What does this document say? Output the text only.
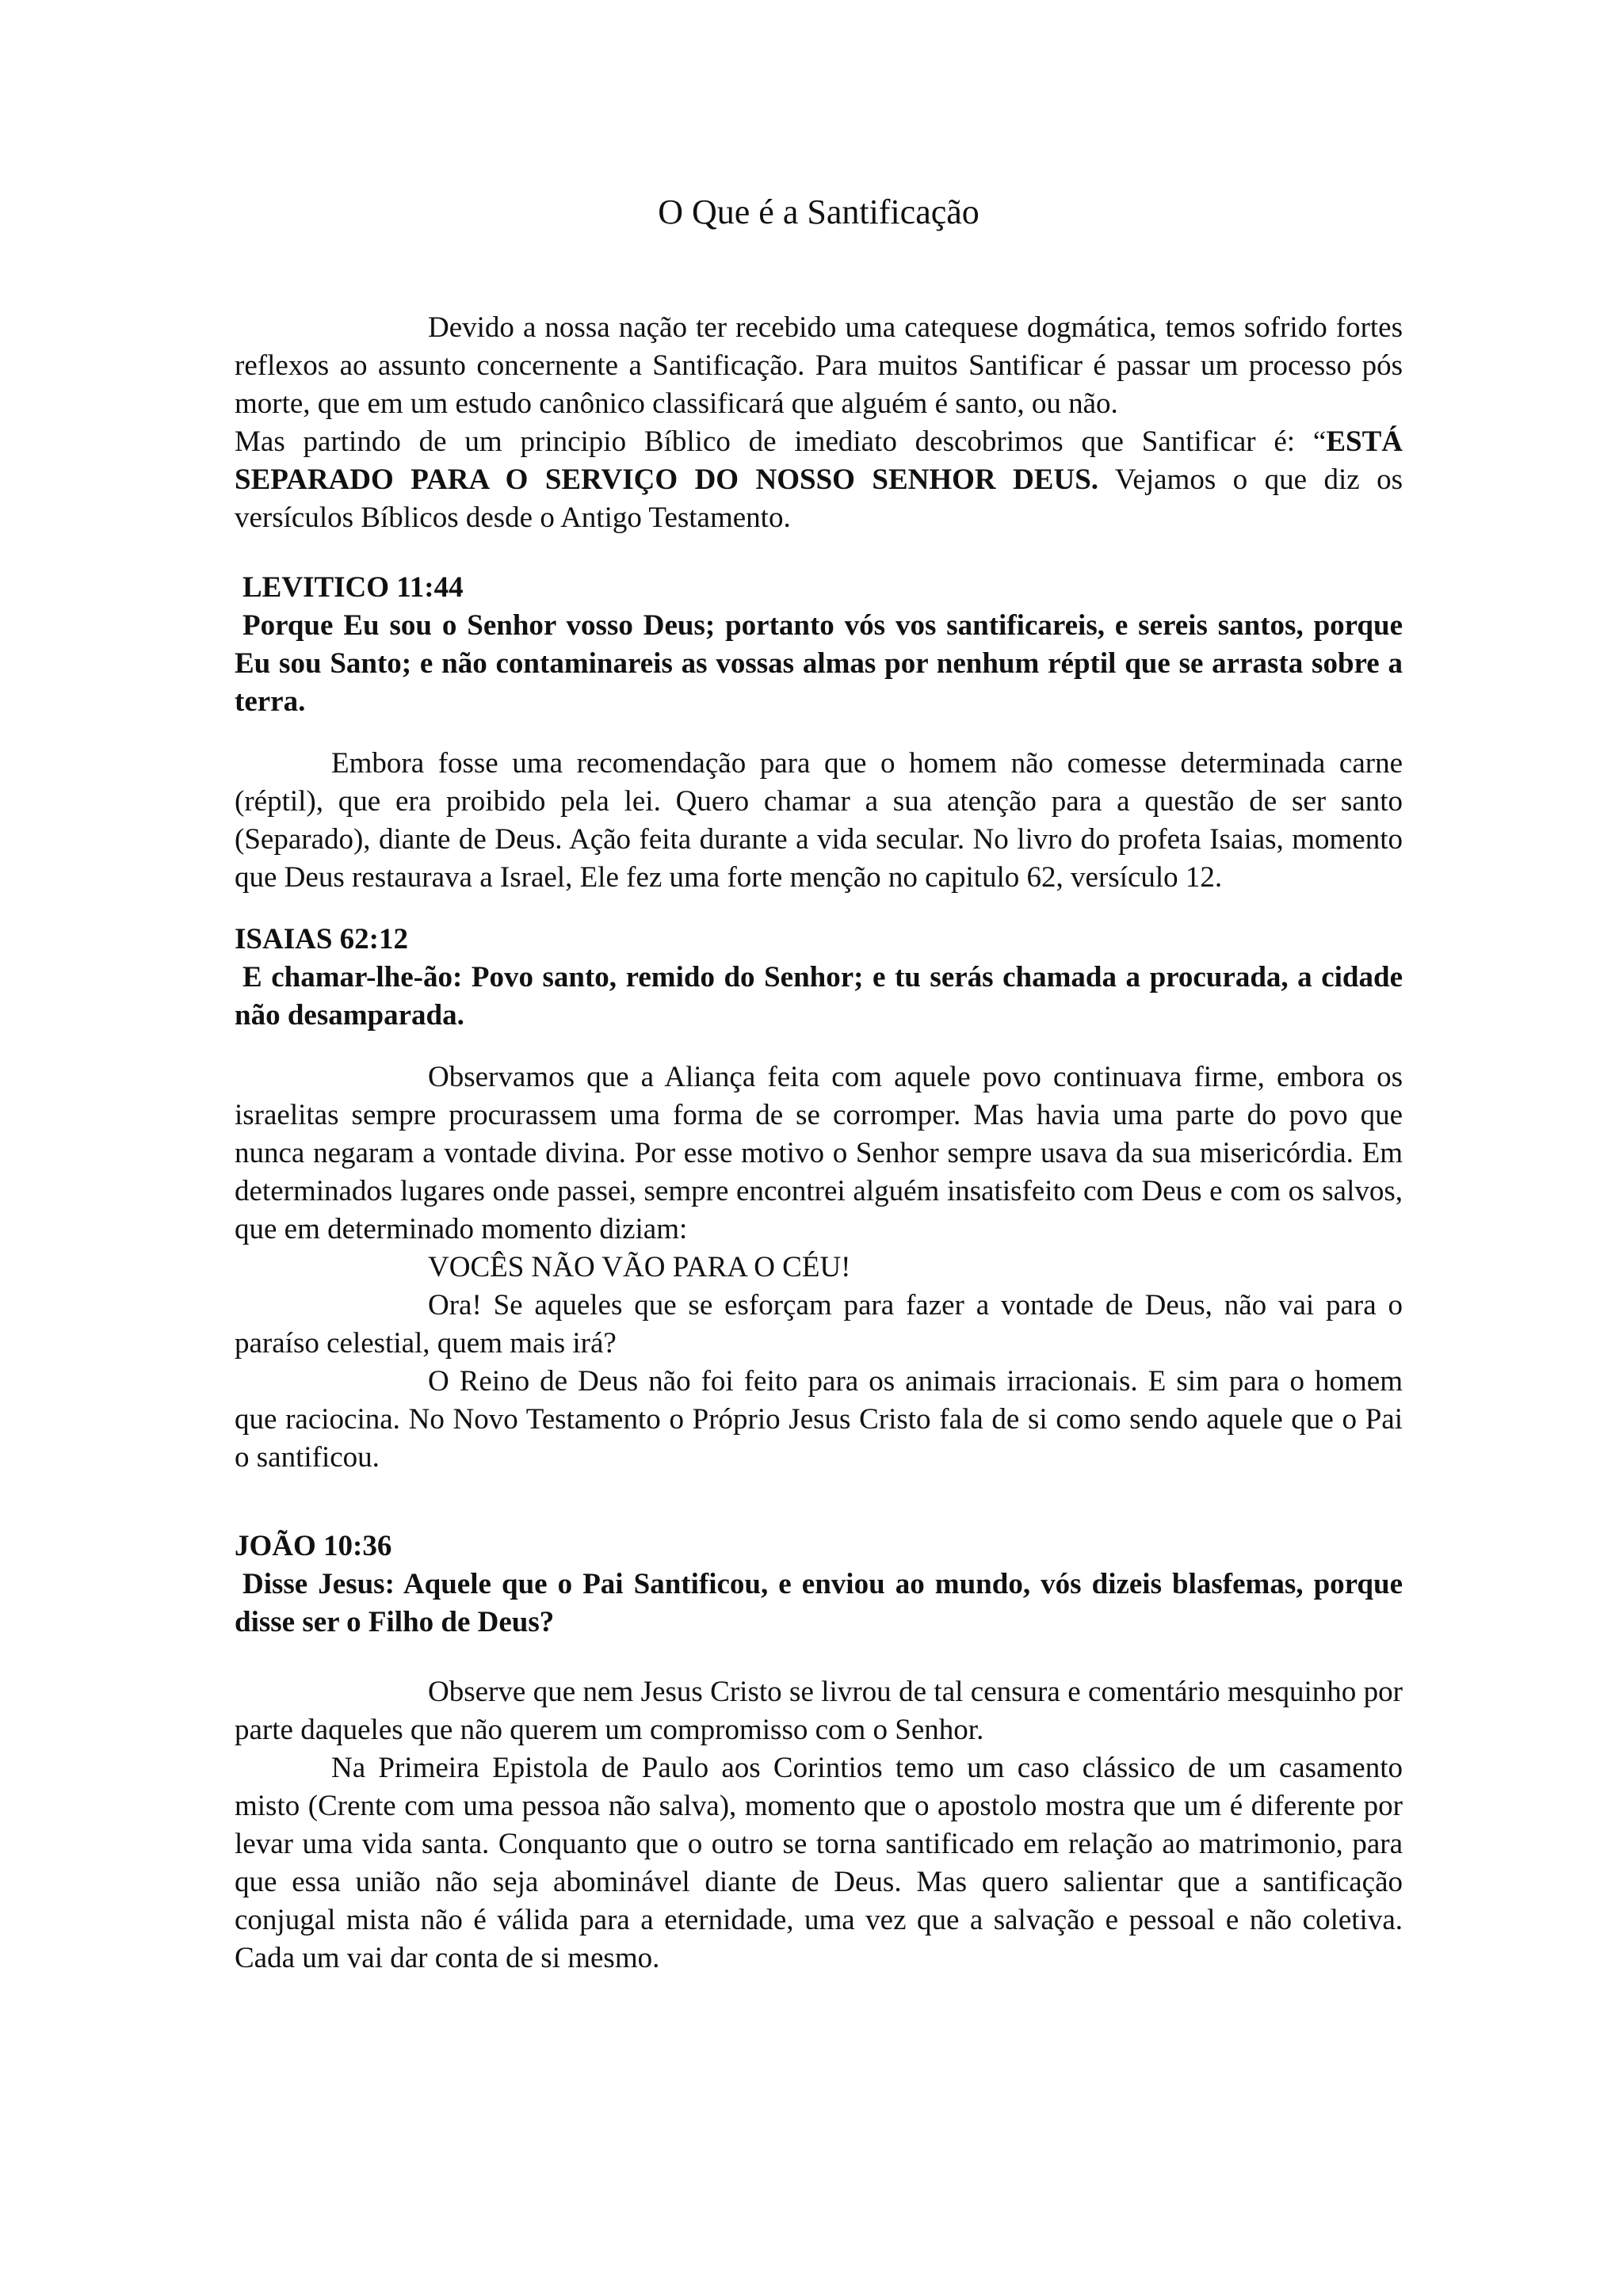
O Que é a Santificação

Devido a nossa nação ter recebido uma catequese dogmática, temos sofrido fortes reflexos ao assunto concernente a Santificação. Para muitos Santificar é passar um processo pós morte, que em um estudo canônico classificará que alguém é santo, ou não.

Mas partindo de um principio Bíblico de imediato descobrimos que Santificar é: “ESTÁ SEPARADO PARA O SERVIÇO DO NOSSO SENHOR DEUS. Vejamos o que diz os versículos Bíblicos desde o Antigo Testamento.

LEVITICO 11:44

Porque Eu sou o Senhor vosso Deus; portanto vós vos santificareis, e sereis santos, porque Eu sou Santo; e não contaminareis as vossas almas por nenhum réptil que se arrasta sobre a terra.

Embora fosse uma recomendação para que o homem não comesse determinada carne (réptil), que era proibido pela lei. Quero chamar a sua atenção para a questão de ser santo (Separado), diante de Deus. Ação feita durante a vida secular. No livro do profeta Isaias, momento que Deus restaurava a Israel, Ele fez uma forte menção no capitulo 62, versículo 12.

ISAIAS 62:12

E chamar-lhe-ão: Povo santo, remido do Senhor; e tu serás chamada a procurada, a cidade não desamparada.

Observamos que a Aliança feita com aquele povo continuava firme, embora os israelitas sempre procurassem uma forma de se corromper. Mas havia uma parte do povo que nunca negaram a vontade divina. Por esse motivo o Senhor sempre usava da sua misericórdia. Em determinados lugares onde passei, sempre encontrei alguém insatisfeito com Deus e com os salvos, que em determinado momento diziam:
VOCÊS NÃO VÃO PARA O CÉU!

Ora! Se aqueles que se esforçam para fazer a vontade de Deus, não vai para o paraíso celestial, quem mais irá?

O Reino de Deus não foi feito para os animais irracionais. E sim para o homem que raciocina. No Novo Testamento o Próprio Jesus Cristo fala de si como sendo aquele que o Pai o santificou.

JOÃO 10:36

Disse Jesus: Aquele que o Pai Santificou, e enviou ao mundo, vós dizeis blasfemas, porque disse ser o Filho de Deus?

Observe que nem Jesus Cristo se livrou de tal censura e comentário mesquinho por parte daqueles que não querem um compromisso com o Senhor.

Na Primeira Epistola de Paulo aos Corintios temo um caso clássico de um casamento misto (Crente com uma pessoa não salva), momento que o apostolo mostra que um é diferente por levar uma vida santa. Conquanto que o outro se torna santificado em relação ao matrimonio, para que essa união não seja abominável diante de Deus. Mas quero salientar que a santificação conjugal mista não é válida para a eternidade, uma vez que a salvação e pessoal e não coletiva. Cada um vai dar conta de si mesmo.
